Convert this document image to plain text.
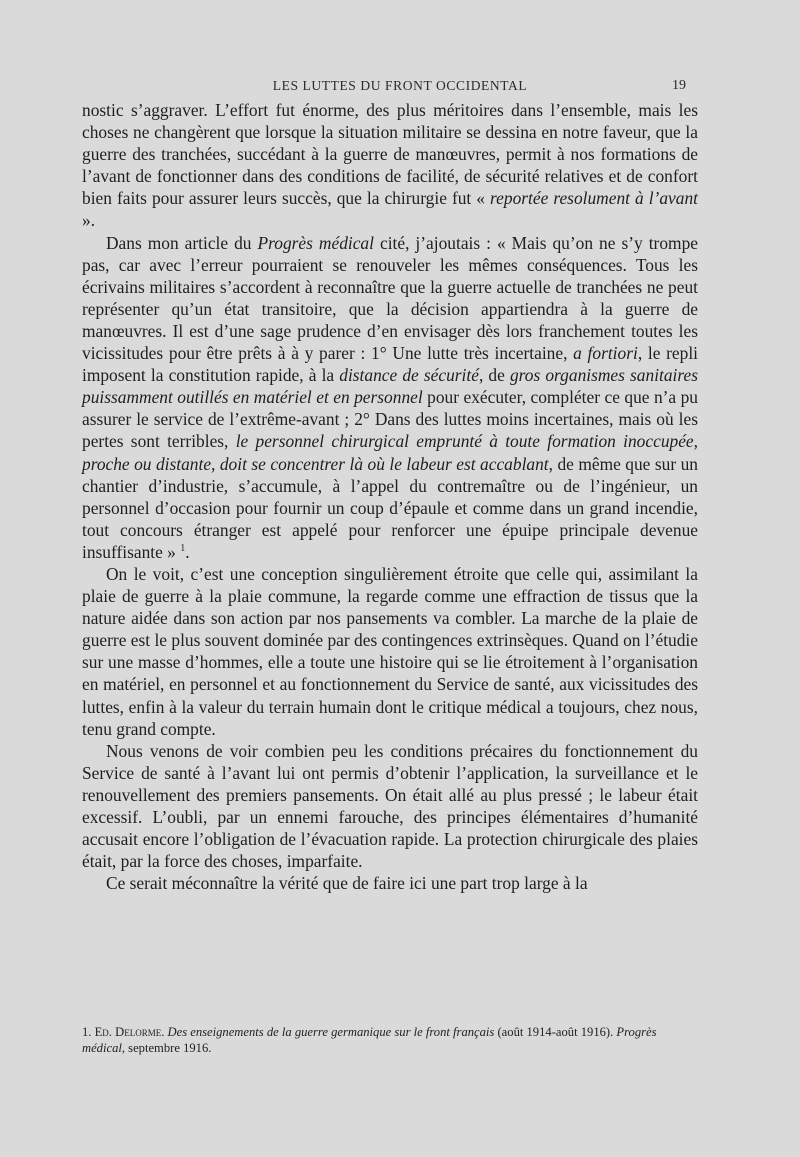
LES LUTTES DU FRONT OCCIDENTAL	19

nostic s’aggraver. L’effort fut énorme, des plus méritoires dans l’ensemble, mais les choses ne changèrent que lorsque la situation militaire se dessina en notre faveur, que la guerre des tranchées, succédant à la guerre de manœuvres, permit à nos formations de l’avant de fonctionner dans des conditions de facilité, de sécurité relatives et de confort bien faits pour assurer leurs succès, que la chirurgie fut « reportée resolument à l’avant ».

Dans mon article du Progrès médical cité, j’ajoutais : « Mais qu’on ne s’y trompe pas, car avec l’erreur pourraient se renouveler les mêmes conséquences. Tous les écrivains militaires s’accordent à reconnaître que la guerre actuelle de tranchées ne peut représenter qu’un état transitoire, que la décision appartiendra à la guerre de manœuvres. Il est d’une sage prudence d’en envisager dès lors franchement toutes les vicissitudes pour être prêts à à y parer : 1° Une lutte très incertaine, a fortiori, le repli imposent la constitution rapide, à la distance de sécurité, de gros organismes sanitaires puissamment outillés en matériel et en personnel pour exécuter, compléter ce que n’a pu assurer le service de l’extrême-avant ; 2° Dans des luttes moins incertaines, mais où les pertes sont terribles, le personnel chirurgical emprunté à toute formation inoccupée, proche ou distante, doit se concentrer là où le labeur est accablant, de même que sur un chantier d’industrie, s’accumule, à l’appel du contremaître ou de l’ingénieur, un personnel d’occasion pour fournir un coup d’épaule et comme dans un grand incendie, tout concours étranger est appelé pour renforcer une épuipe principale devenue insuffisante » $^1$.

On le voit, c’est une conception singulièrement étroite que celle qui, assimilant la plaie de guerre à la plaie commune, la regarde comme une effraction de tissus que la nature aidée dans son action par nos pansements va combler. La marche de la plaie de guerre est le plus souvent dominée par des contingences extrinsèques. Quand on l’étudie sur une masse d’hommes, elle a toute une histoire qui se lie étroitement à l’organisation en matériel, en personnel et au fonctionnement du Service de santé, aux vicissitudes des luttes, enfin à la valeur du terrain humain dont le critique médical a toujours, chez nous, tenu grand compte.

Nous venons de voir combien peu les conditions précaires du fonctionnement du Service de santé à l’avant lui ont permis d’obtenir l’application, la surveillance et le renouvellement des premiers pansements. On était allé au plus pressé ; le labeur était excessif. L’oubli, par un ennemi farouche, des principes élémentaires d’humanité accusait encore l’obligation de l’évacuation rapide. La protection chirurgicale des plaies était, par la force des choses, imparfaite.

Ce serait méconnaître la vérité que de faire ici une part trop large à la

1. Ed. Delorme. Des enseignements de la guerre germanique sur le front français (août 1914-août 1916). Progrès médical, septembre 1916.
